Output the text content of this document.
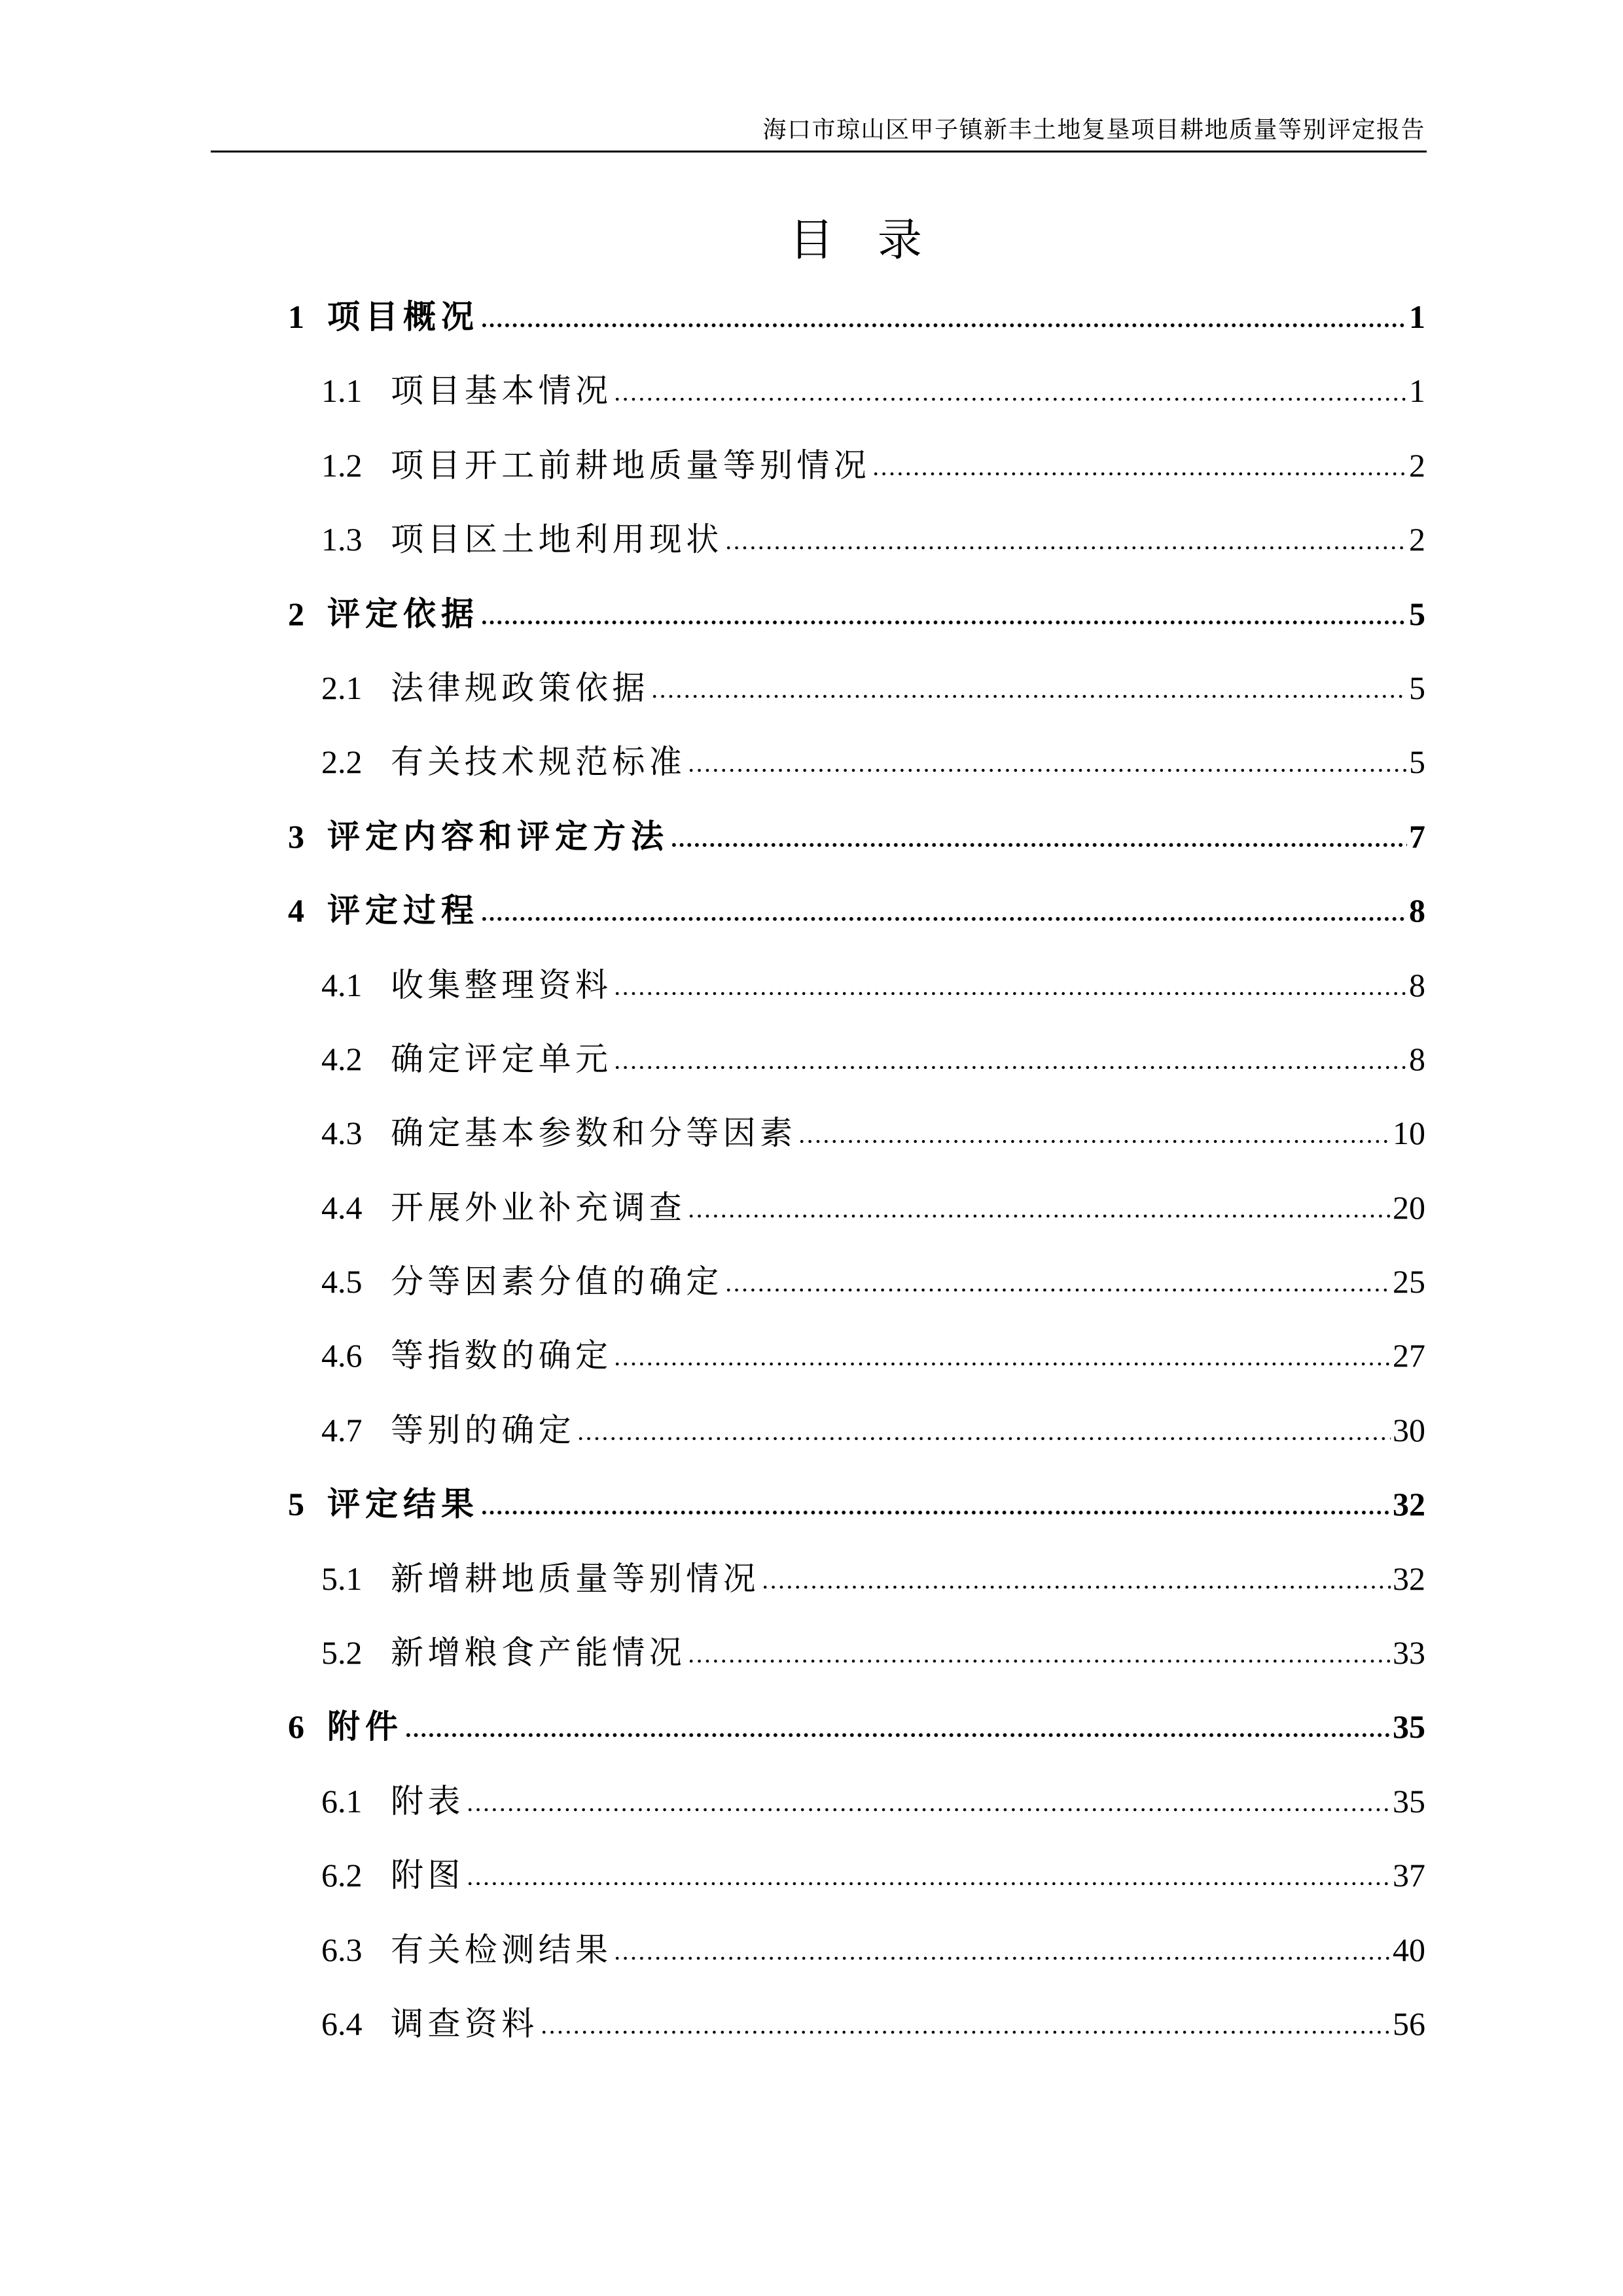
海口市琼山区甲子镇新丰土地复垦项目耕地质量等别评定报告
目 录
1 项目概况	1
1.1 项目基本情况	1
1.2 项目开工前耕地质量等别情况	2
1.3 项目区土地利用现状	2
2 评定依据	5
2.1 法律规政策依据	5
2.2 有关技术规范标准	5
3 评定内容和评定方法	7
4 评定过程	8
4.1 收集整理资料	8
4.2 确定评定单元	8
4.3 确定基本参数和分等因素	10
4.4 开展外业补充调查	20
4.5 分等因素分值的确定	25
4.6 等指数的确定	27
4.7 等别的确定	30
5 评定结果	32
5.1 新增耕地质量等别情况	32
5.2 新增粮食产能情况	33
6 附件	35
6.1 附表	35
6.2 附图	37
6.3 有关检测结果	40
6.4 调查资料	56
